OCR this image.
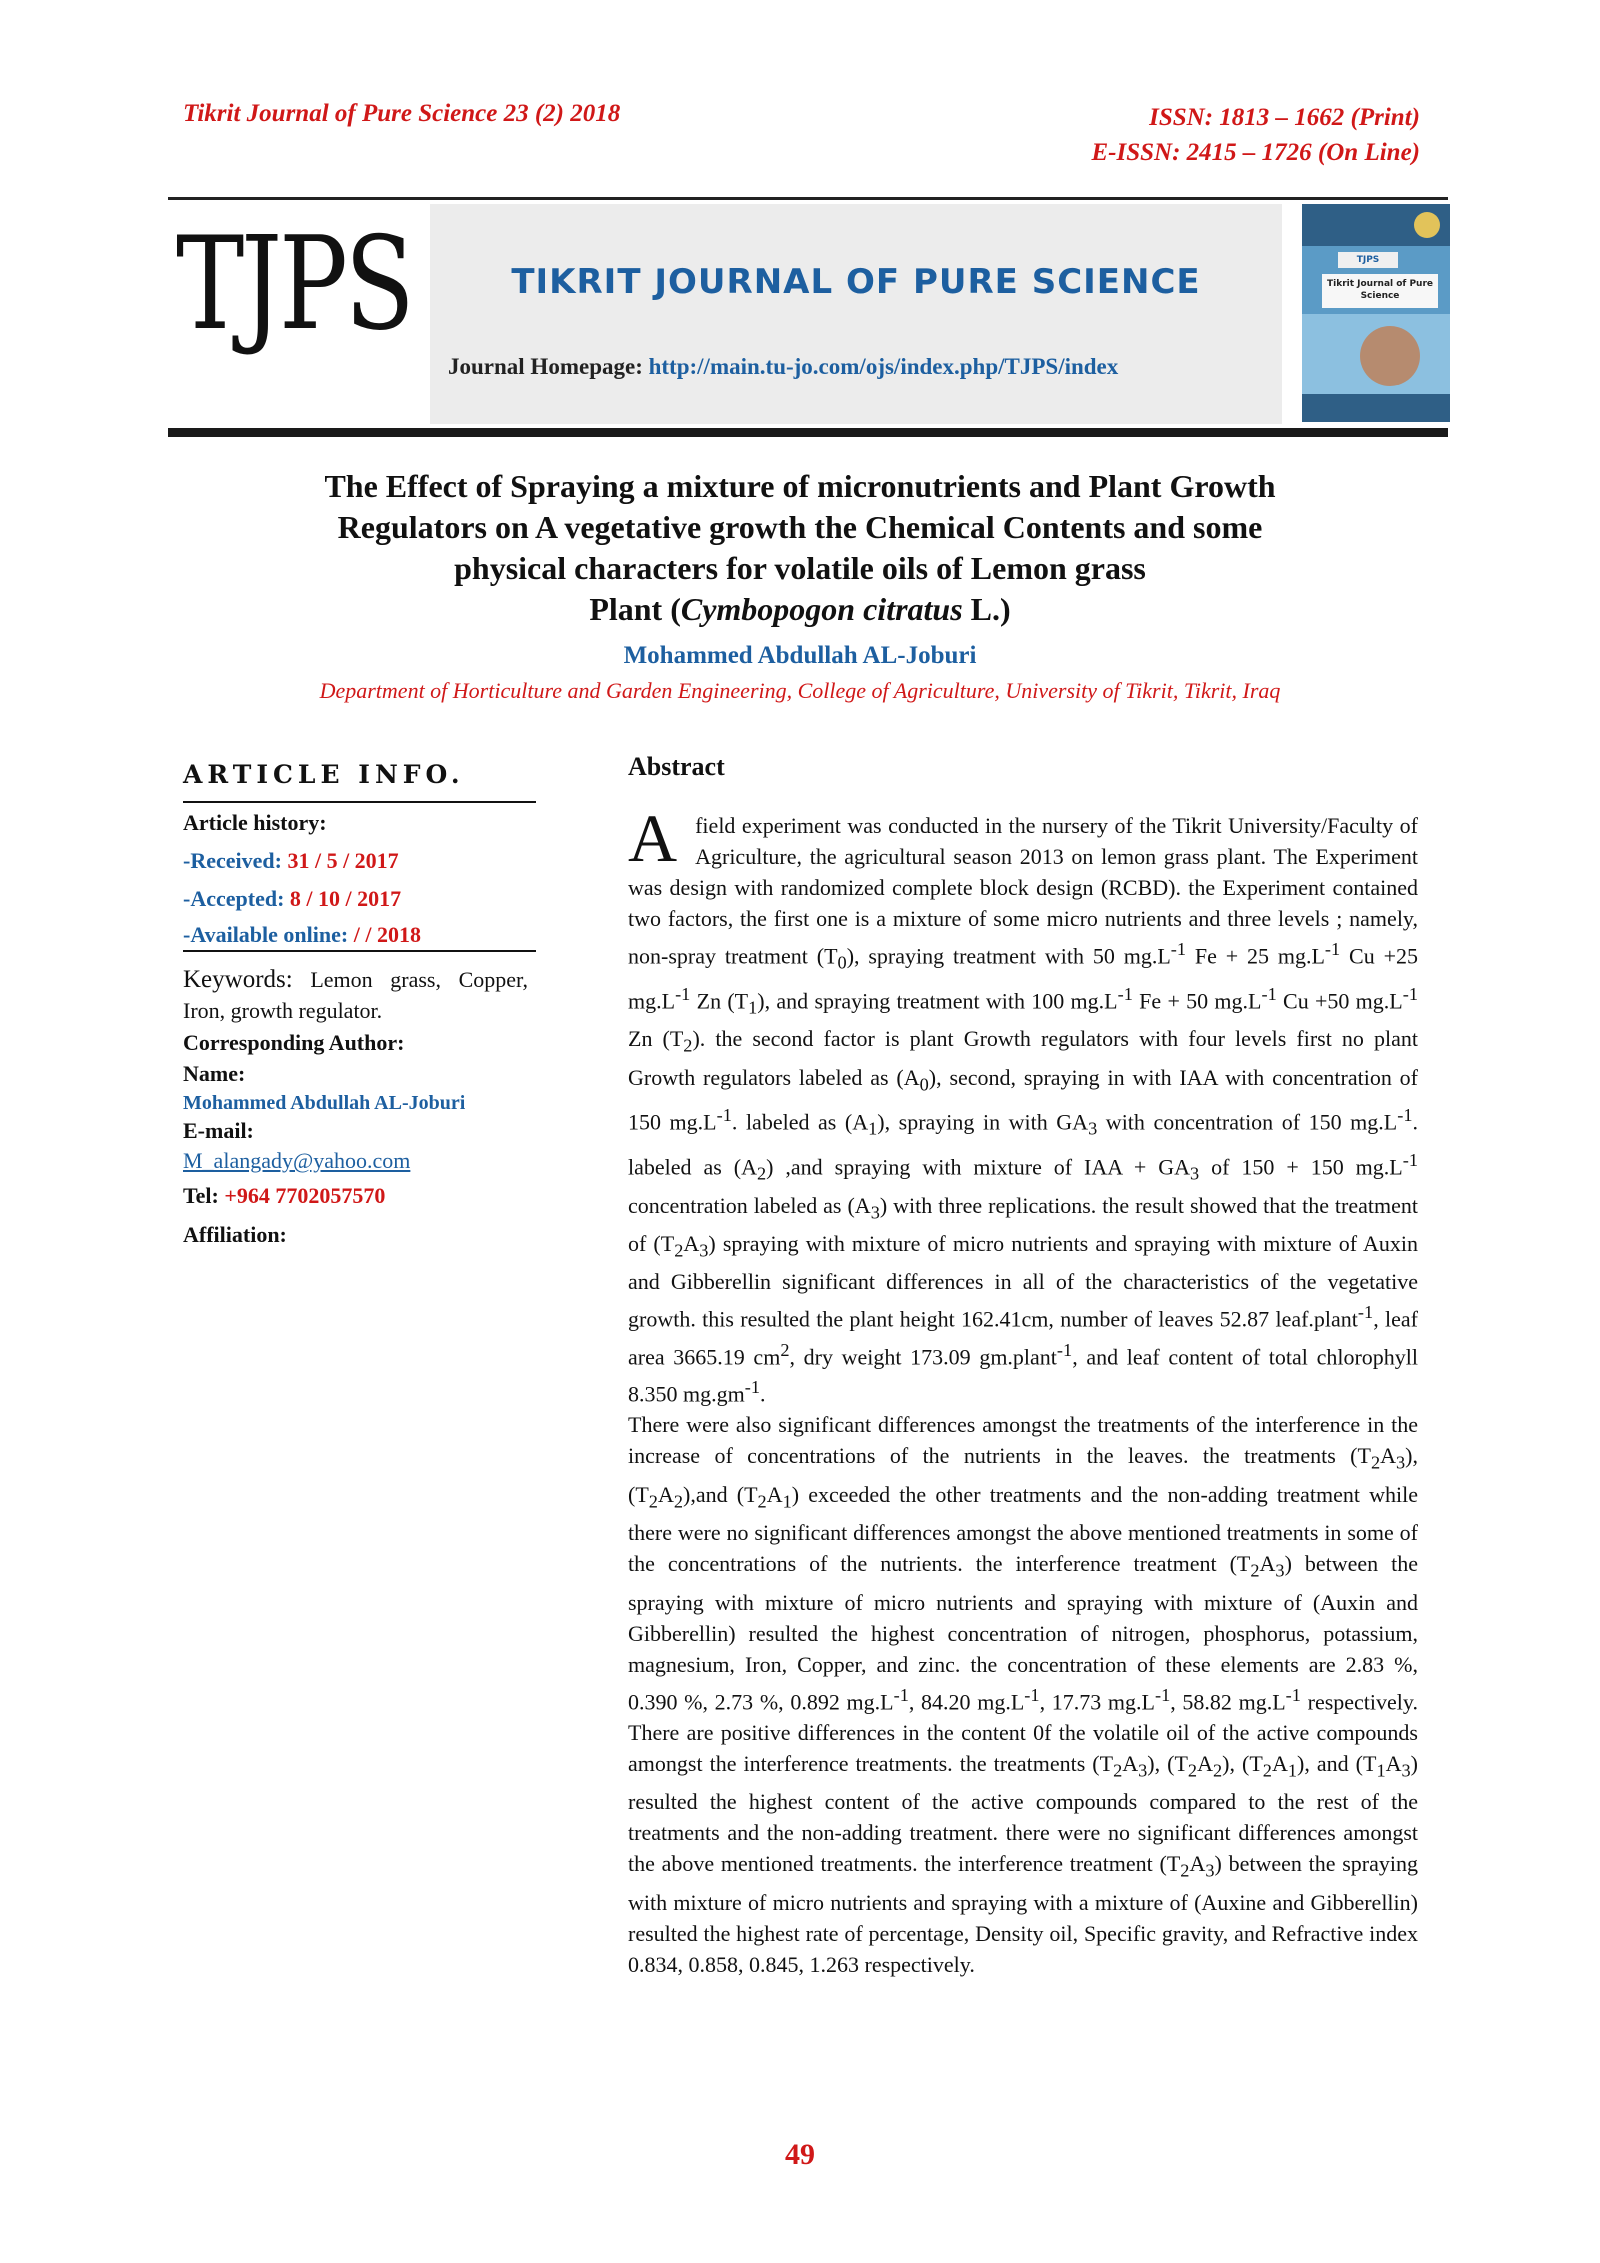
Tikrit Journal of Pure Science 23 (2) 2018	ISSN: 1813 – 1662 (Print)
E-ISSN: 2415 – 1726 (On Line)
TJPS	TIKRIT JOURNAL OF PURE SCIENCE
Journal Homepage: http://main.tu-jo.com/ojs/index.php/TJPS/index
TJPS
Tikrit Journal of Pure Science
The Effect of Spraying a mixture of micronutrients and Plant Growth
Regulators on A vegetative growth the Chemical Contents and some
physical characters for volatile oils of Lemon grass
Plant (Cymbopogon citratus L.)
Mohammed Abdullah AL-Joburi
Department of Horticulture and Garden Engineering, College of Agriculture, University of Tikrit, Tikrit, Iraq
ARTICLE INFO.
Article history:
-Received: 31 / 5 / 2017
-Accepted: 8 / 10 / 2017
-Available online: / / 2018
Keywords: Lemon grass, Copper, Iron, growth regulator.
Corresponding Author:
Name:
Mohammed Abdullah AL-Joburi
E-mail:
M_alangady@yahoo.com
Tel: +964 7702057570
Affiliation:
Abstract

Afield experiment was conducted in the nursery of the Tikrit University/Faculty of Agriculture, the agricultural season 2013 on lemon grass plant. The Experiment was design with randomized complete block design (RCBD). the Experiment contained two factors, the first one is a mixture of some micro nutrients and three levels ; namely, non-spray treatment $(T_0)$, spraying treatment with 50 $mg.L^{-1}$ Fe + 25 $mg.L^{-1}$ Cu +25 $mg.L^{-1}$ Zn $(T_1)$, and spraying treatment with 100 $mg.L^{-1}$ Fe + 50 $mg.L^{-1}$ Cu +50 $mg.L^{-1}$ Zn $(T_2)$. the second factor is plant Growth regulators with four levels first no plant Growth regulators labeled as $(A_0)$, second, spraying in with IAA with concentration of 150 $mg.L^{-1}$. labeled as $(A_1)$, spraying in with $GA_3$ with concentration of 150 $mg.L^{-1}$. labeled as $(A_2)$ ,and spraying with mixture of IAA + $GA_3$ of 150 + 150 $mg.L^{-1}$ concentration labeled as $(A_3)$ with three replications. the result showed that the treatment of $(T_2A_3)$ spraying with mixture of micro nutrients and spraying with mixture of Auxin and Gibberellin significant differences in all of the characteristics of the vegetative growth. this resulted the plant height 162.41cm, number of leaves 52.87 leaf.plant$^{-1}$, leaf area 3665.19 $cm^2$, dry weight 173.09 gm.plant$^{-1}$, and leaf content of total chlorophyll 8.350 $mg.gm^{-1}$.

There were also significant differences amongst the treatments of the interference in the increase of concentrations of the nutrients in the leaves. the treatments $(T_2A_3)$, $(T_2A_2),and$ $(T_2A_1)$ exceeded the other treatments and the non-adding treatment while there were no significant differences amongst the above mentioned treatments in some of the concentrations of the nutrients. the interference treatment $(T_2A_3)$ between the spraying with mixture of micro nutrients and spraying with mixture of (Auxin and Gibberellin) resulted the highest concentration of nitrogen, phosphorus, potassium, magnesium, Iron, Copper, and zinc. the concentration of these elements are 2.83 %, 0.390 %, 2.73 %, 0.892 $mg.L^{-1}$, 84.20 $mg.L^{-1}$, 17.73 $mg.L^{-1}$, 58.82 $mg.L^{-1}$ respectively. There are positive differences in the content 0f the volatile oil of the active compounds amongst the interference treatments. the treatments $(T_2A_3)$, $(T_2A_2)$, $(T_2A_1)$, and $(T_1A_3)$ resulted the highest content of the active compounds compared to the rest of the treatments and the non-adding treatment. there were no significant differences amongst the above mentioned treatments. the interference treatment $(T_2A_3)$ between the spraying with mixture of micro nutrients and spraying with a mixture of (Auxine and Gibberellin) resulted the highest rate of percentage, Density oil, Specific gravity, and Refractive index 0.834, 0.858, 0.845, 1.263 respectively.

49
